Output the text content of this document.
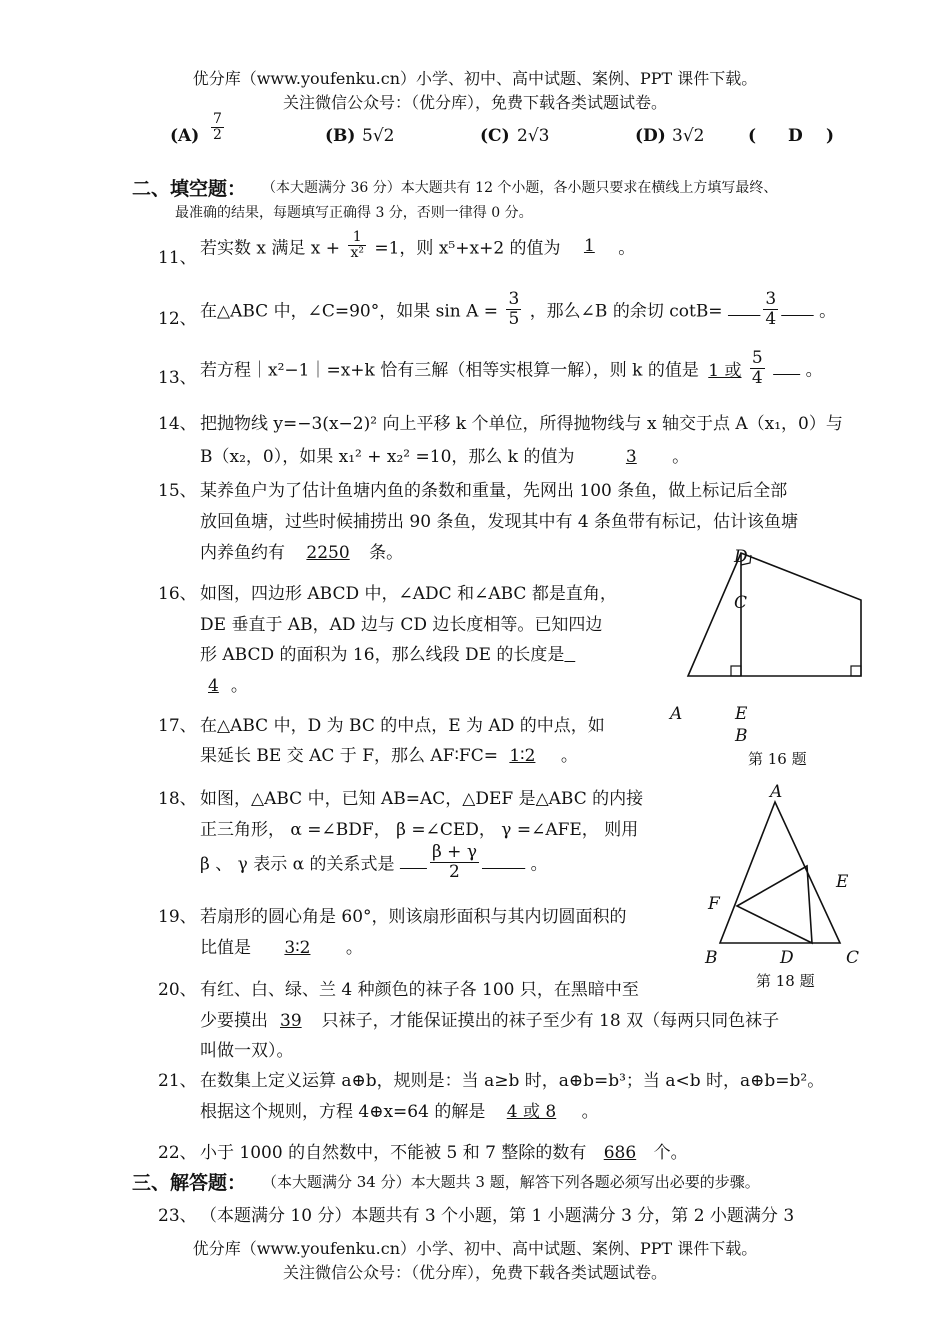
优分库（www.youfenku.cn）小学、初中、高中试题、案例、PPT 课件下载。
关注微信公众号：（优分库），免费下载各类试题试卷。
$(A) \frac{7}{2}$	(B) 5√2	(C) 2√3	(D) 3√2	( D )
二、填空题： （本大题满分 36 分）本大题共有 12 个小题，各小题只要求在横线上方填写最终、
最准确的结果，每题填写正确得 3 分，否则一律得 0 分。
11、 若实数 x 满足 $x + \frac{1}{\text{x²}} =1$，则 x⁵+x+2 的值为 1 。
12、 在△ABC 中，∠C=90°，如果 $\sin A = \frac{3}{5}$ ，那么∠B 的余切 $\cot B= \frac{3}{4}$ 。
13、 若方程｜x²−1｜=x+k 恰有三解（相等实根算一解），则 k 的值是 1 或 $\frac{5}{4}$ 。
14、 把抛物线 y=−3(x−2)² 向上平移 k 个单位，所得抛物线与 x 轴交于点 A（x₁，0）与
B（x₂，0），如果 x₁² + x₂² =10，那么 k 的值为	3 。
15、 某养鱼户为了估计鱼塘内鱼的条数和重量，先网出 100 条鱼，做上标记后全部
放回鱼塘，过些时候捕捞出 90 条鱼，发现其中有 4 条鱼带有标记，估计该鱼塘
内养鱼约有 2250 条。
16、 如图，四边形 ABCD 中，∠ADC 和∠ABC 都是直角，
DE 垂直于 AB，AD 边与 CD 边长度相等。已知四边
形 ABCD 的面积为 16，那么线段 DE 的长度是
4 。
D
C
A	E
B
第 16 题
17、 在△ABC 中，D 为 BC 的中点，E 为 AD 的中点，如
果延长 BE 交 AC 于 F，那么 AF∶FC= 1∶2 。
18、 如图，△ABC 中，已知 AB=AC，△DEF 是△ABC 的内接
正三角形， α =∠BDF， β =∠CED， γ =∠AFE， 则用
β 、 γ 表示 α 的关系式是 $\frac{\beta + \gamma}{2}$	。
A
E
F
B	D	C
第 18 题
19、 若扇形的圆心角是 60°，则该扇形面积与其内切圆面积的
比值是 3∶2 。
20、 有红、白、绿、兰 4 种颜色的袜子各 100 只，在黑暗中至
少要摸出 39 只袜子，才能保证摸出的袜子至少有 18 双（每两只同色袜子
叫做一双）。
21、 在数集上定义运算 a⊕b，规则是：当 a≥b 时，a⊕b=b³；当 a<b 时，a⊕b=b²。
根据这个规则，方程 4⊕x=64 的解是 4 或 8 。
22、 小于 1000 的自然数中，不能被 5 和 7 整除的数有 686 个。
三、解答题： （本大题满分 34 分）本大题共 3 题，解答下列各题必须写出必要的步骤。
23、 （本题满分 10 分）本题共有 3 个小题，第 1 小题满分 3 分，第 2 小题满分 3
优分库（www.youfenku.cn）小学、初中、高中试题、案例、PPT 课件下载。
关注微信公众号：（优分库），免费下载各类试题试卷。
